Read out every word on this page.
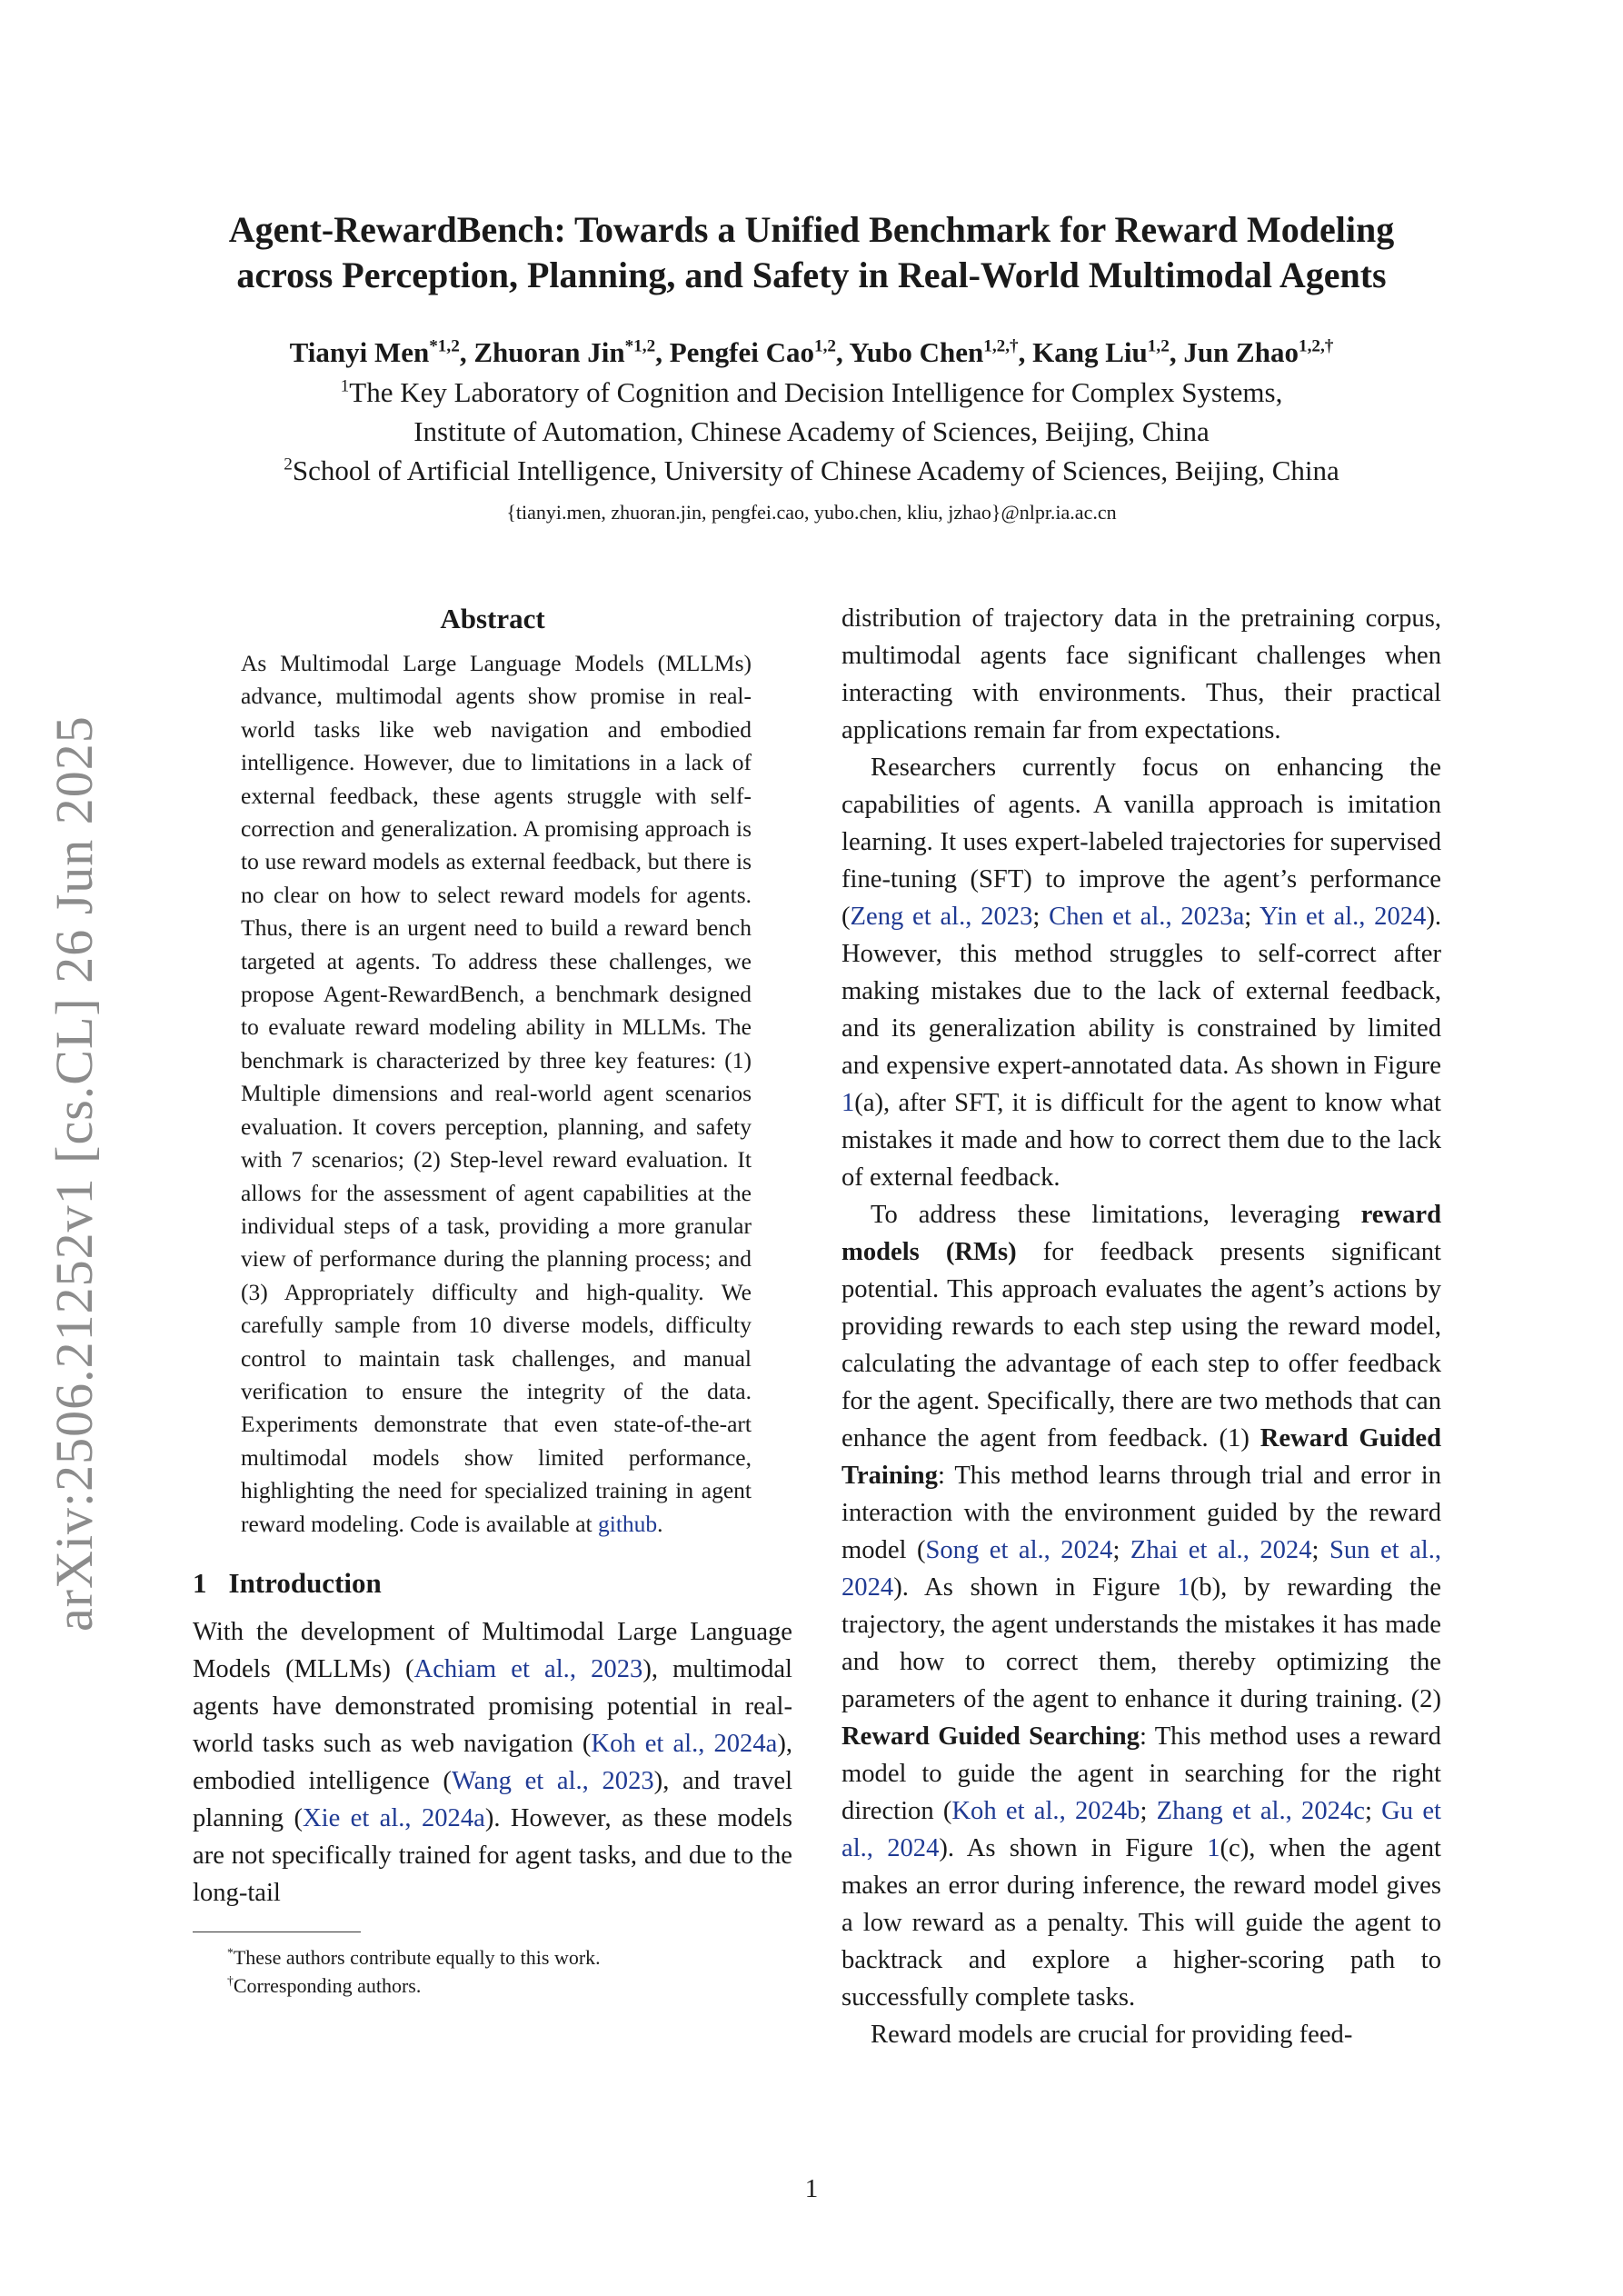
arXiv:2506.21252v1 [cs.CL] 26 Jun 2025
Agent-RewardBench: Towards a Unified Benchmark for Reward Modeling
across Perception, Planning, and Safety in Real-World Multimodal Agents
Tianyi Men$^{*1,2}$, Zhuoran Jin$^{*1,2}$, Pengfei Cao$^{1,2}$, Yubo Chen$^{1,2,\dagger}$, Kang Liu$^{1,2}$, Jun Zhao$^{1,2,\dagger}$
$^1$The Key Laboratory of Cognition and Decision Intelligence for Complex Systems,
Institute of Automation, Chinese Academy of Sciences, Beijing, China
$^2$School of Artificial Intelligence, University of Chinese Academy of Sciences, Beijing, China
{tianyi.men, zhuoran.jin, pengfei.cao, yubo.chen, kliu, jzhao}@nlpr.ia.ac.cn
Abstract

As Multimodal Large Language Models (MLLMs) advance, multimodal agents show promise in real-world tasks like web navigation and embodied intelligence. However, due to limitations in a lack of external feedback, these agents struggle with self-correction and generalization. A promising approach is to use reward models as external feedback, but there is no clear on how to select reward models for agents. Thus, there is an urgent need to build a reward bench targeted at agents. To address these challenges, we propose Agent-RewardBench, a benchmark designed to evaluate reward modeling ability in MLLMs. The benchmark is characterized by three key features: (1) Multiple dimensions and real-world agent scenarios evaluation. It covers perception, planning, and safety with 7 scenarios; (2) Step-level reward evaluation. It allows for the assessment of agent capabilities at the individual steps of a task, providing a more granular view of performance during the planning process; and (3) Appropriately difficulty and high-quality. We carefully sample from 10 diverse models, difficulty control to maintain task challenges, and manual verification to ensure the integrity of the data. Experiments demonstrate that even state-of-the-art multimodal models show limited performance, highlighting the need for specialized training in agent reward modeling. Code is available at github.

1 Introduction

With the development of Multimodal Large Language Models (MLLMs) (Achiam et al., 2023), multimodal agents have demonstrated promising potential in real-world tasks such as web navigation (Koh et al., 2024a), embodied intelligence (Wang et al., 2023), and travel planning (Xie et al., 2024a). However, as these models are not specifically trained for agent tasks, and due to the long-tail

*These authors contribute equally to this work.
†Corresponding authors.

distribution of trajectory data in the pretraining corpus, multimodal agents face significant challenges when interacting with environments. Thus, their practical applications remain far from expectations.

Researchers currently focus on enhancing the capabilities of agents. A vanilla approach is imitation learning. It uses expert-labeled trajectories for supervised fine-tuning (SFT) to improve the agent’s performance (Zeng et al., 2023; Chen et al., 2023a; Yin et al., 2024). However, this method struggles to self-correct after making mistakes due to the lack of external feedback, and its generalization ability is constrained by limited and expensive expert-annotated data. As shown in Figure 1(a), after SFT, it is difficult for the agent to know what mistakes it made and how to correct them due to the lack of external feedback.

To address these limitations, leveraging reward models (RMs) for feedback presents significant potential. This approach evaluates the agent’s actions by providing rewards to each step using the reward model, calculating the advantage of each step to offer feedback for the agent. Specifically, there are two methods that can enhance the agent from feedback. (1) Reward Guided Training: This method learns through trial and error in interaction with the environment guided by the reward model (Song et al., 2024; Zhai et al., 2024; Sun et al., 2024). As shown in Figure 1(b), by rewarding the trajectory, the agent understands the mistakes it has made and how to correct them, thereby optimizing the parameters of the agent to enhance it during training. (2) Reward Guided Searching: This method uses a reward model to guide the agent in searching for the right direction (Koh et al., 2024b; Zhang et al., 2024c; Gu et al., 2024). As shown in Figure 1(c), when the agent makes an error during inference, the reward model gives a low reward as a penalty. This will guide the agent to backtrack and explore a higher-scoring path to successfully complete tasks.

Reward models are crucial for providing feed-

1
